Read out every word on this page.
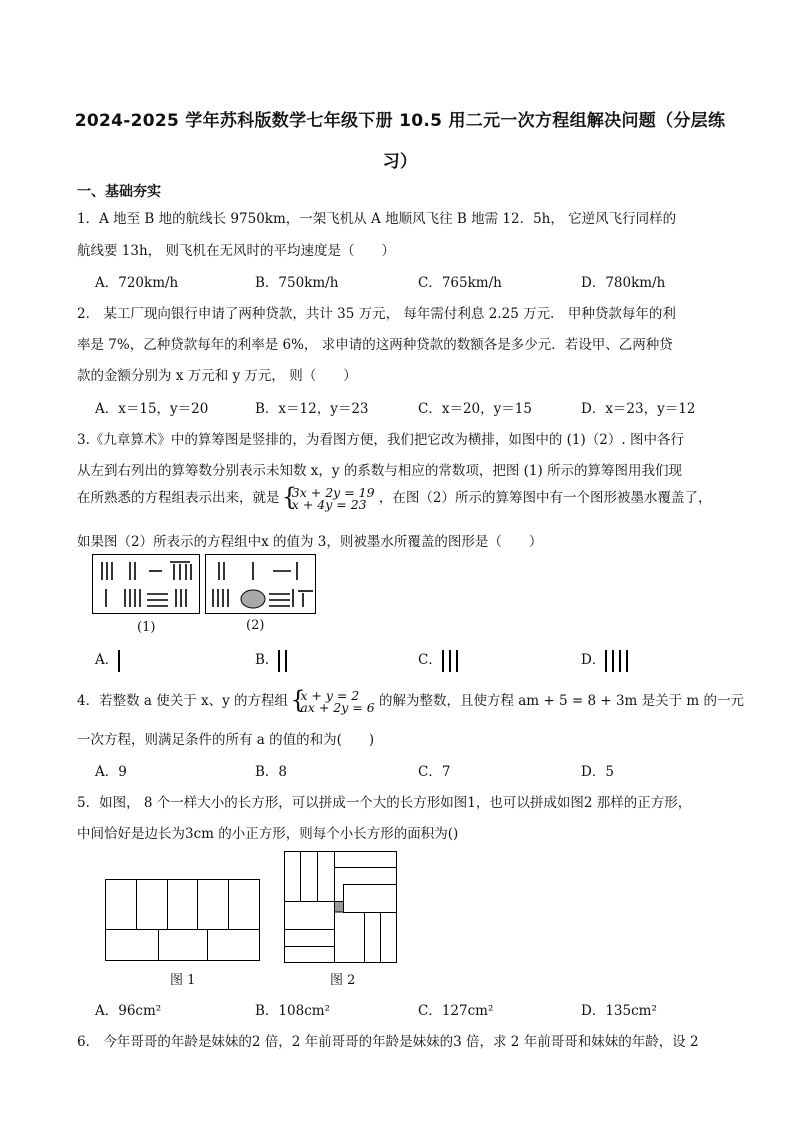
2024-2025 学年苏科版数学七年级下册 10.5 用二元一次方程组解决问题（分层练
习）
一、基础夯实
1．A 地至 B 地的航线长 9750km，一架飞机从 A 地顺风飞往 B 地需 12．5h， 它逆风飞行同样的
航线要 13h， 则飞机在无风时的平均速度是（　　）
A．720km/h	B．750km/h	C．765km/h	D．780km/h
2． 某工厂现向银行申请了两种贷款，共计 35 万元， 每年需付利息 2.25 万元． 甲种贷款每年的利
率是 7%，乙种贷款每年的利率是 6%， 求申请的这两种贷款的数额各是多少元．若设甲、乙两种贷
款的金额分别为 x 万元和 y 万元， 则（　　）
A．x＝15，y＝20	B．x＝12，y＝23	C．x＝20，y＝15	D．x＝23，y＝12
3.《九章算术》中的算筹图是竖排的，为看图方便，我们把它改为横排，如图中的 (1)（2）. 图中各行
从左到右列出的算筹数分别表示未知数 x，y 的系数与相应的常数项，把图 (1) 所示的算筹图用我们现
在所熟悉的方程组表示出来，就是 { 3x + 2y = 19
x + 4y = 23 ，在图（2）所示的算筹图中有一个图形被墨水覆盖了，
如果图（2）所表示的方程组中x 的值为 3，则被墨水所覆盖的图形是（　　）
(1)	(2)
A．	B．	C．	D．
4．若整数 a 使关于 x、y 的方程组 { x + y = 2
ax + 2y = 6 的解为整数，且使方程 am + 5 = 8 + 3m 是关于 m 的一元
一次方程，则满足条件的所有 a 的值的和为(　　)
A．9	B．8	C．7	D．5
5．如图， 8 个一样大小的长方形，可以拼成一个大的长方形如图1，也可以拼成如图2 那样的正方形，
中间恰好是边长为3cm 的小正方形，则每个小长方形的面积为()
图 1	图 2
A．96cm²	B．108cm²	C．127cm²	D．135cm²
6． 今年哥哥的年龄是妹妹的2 倍，2 年前哥哥的年龄是妹妹的3 倍，求 2 年前哥哥和妹妹的年龄，设 2
